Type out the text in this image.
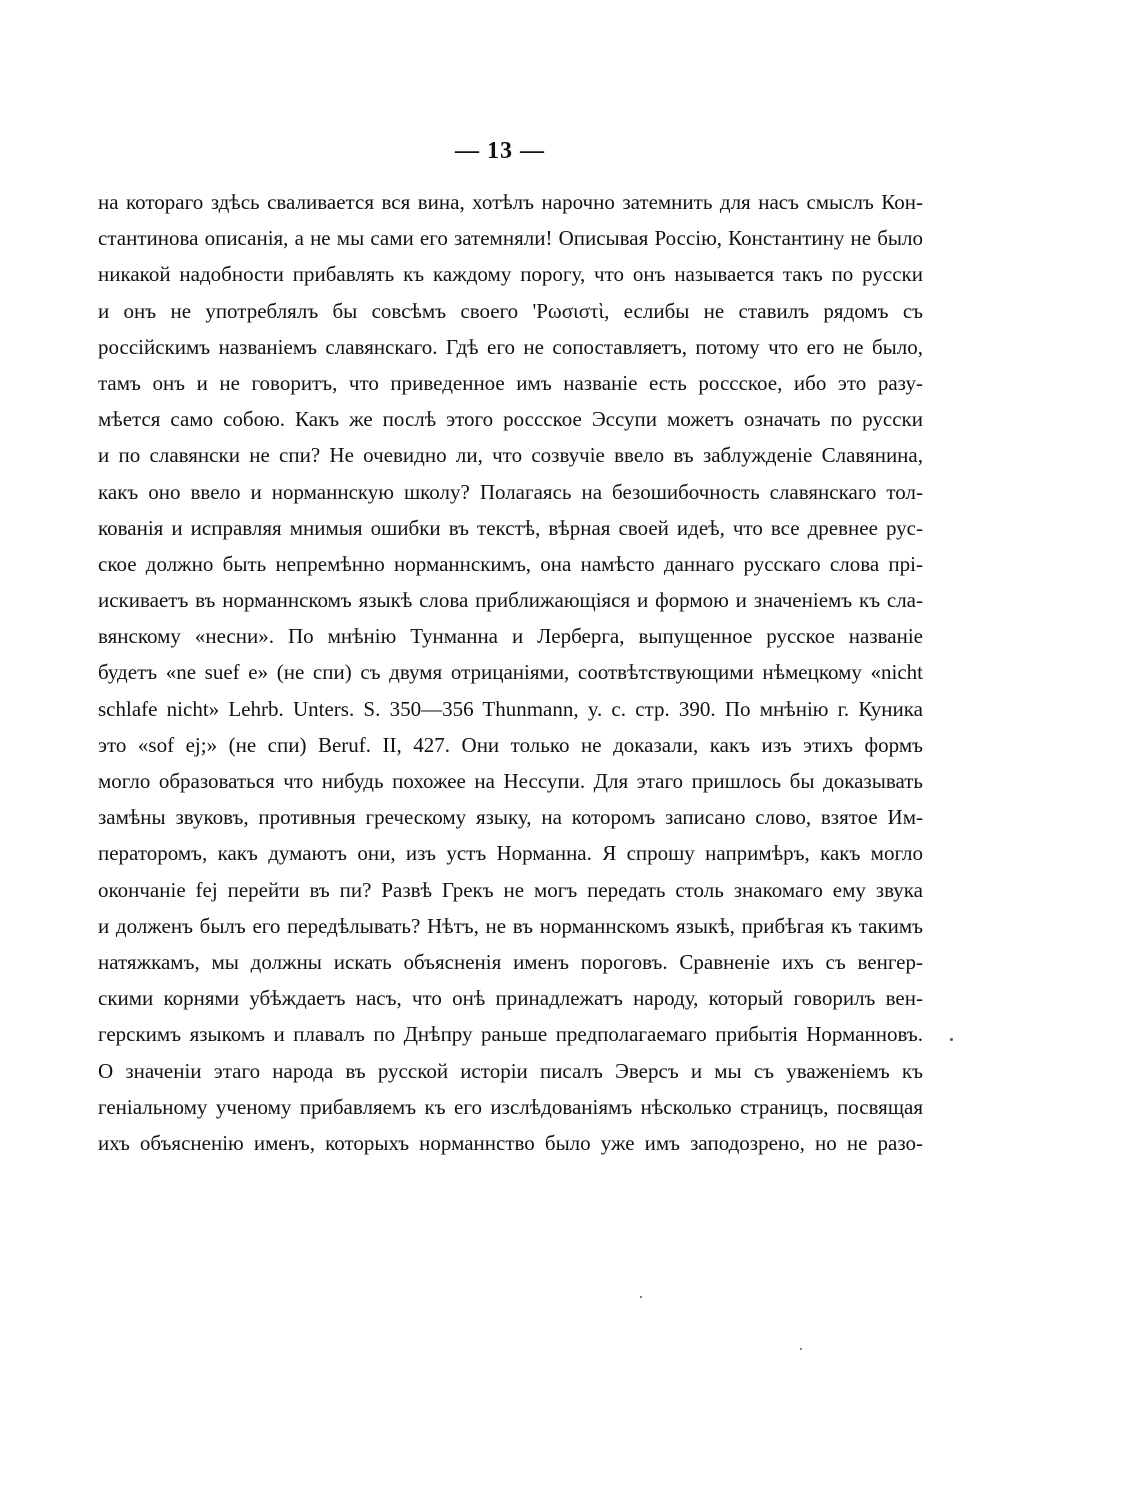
— 13 —
на котораго здѣсь сваливается вся вина, хотѣлъ нарочно затемнить для насъ смыслъ Кон-
стантинова описанія, а не мы сами его затемняли! Описывая Россію, Константину не было
никакой надобности прибавлять къ каждому порогу, что онъ называется такъ по русски
и онъ не употреблялъ бы совсѣмъ своего 'Ρωσιστὶ, еслибы не ставилъ рядомъ съ
россійскимъ названіемъ славянскаго. Гдѣ его не сопоставляетъ, потому что его не было,
тамъ онъ и не говоритъ, что приведенное имъ названіе есть россское, ибо это разу-
мѣется само собою. Какъ же послѣ этого россское Эссупи можетъ означать по русски
и по славянски не спи? Не очевидно ли, что созвучіе ввело въ заблужденіе Славянина,
какъ оно ввело и норманнскую школу? Полагаясь на безошибочность славянскаго тол-
кованія и исправляя мнимыя ошибки въ текстѣ, вѣрная своей идеѣ, что все древнее рус-
ское должно быть непремѣнно норманнскимъ, она намѣсто даннаго русскаго слова прі-
искиваетъ въ норманнскомъ языкѣ слова приближающіяся и формою и значеніемъ къ сла-
вянскому «несни». По мнѣнію Тунманна и Лерберга, выпущенное русское названіе
будетъ «ne suef e» (не спи) съ двумя отрицаніями, соотвѣтствующими нѣмецкому «nicht
schlafe nicht» Lehrb. Unters. S. 350—356 Thunmann, y. c. стр. 390. По мнѣнію г. Куника
это «sof ej;» (не спи) Beruf. II, 427. Они только не доказали, какъ изъ этихъ формъ
могло образоваться что нибудь похожее на Нессупи. Для этаго пришлось бы доказывать
замѣны звуковъ, противныя греческому языку, на которомъ записано слово, взятое Им-
ператоромъ, какъ думаютъ они, изъ устъ Норманна. Я спрошу напримѣръ, какъ могло
окончаніе fej перейти въ пи? Развѣ Грекъ не могъ передать столь знакомаго ему звука
и долженъ былъ его передѣлывать? Нѣтъ, не въ норманнскомъ языкѣ, прибѣгая къ такимъ
натяжкамъ, мы должны искать объясненія именъ пороговъ. Сравненіе ихъ съ венгер-
скими корнями убѣждаетъ насъ, что онѣ принадлежатъ народу, который говорилъ вен-
герскимъ языкомъ и плавалъ по Днѣпру раньше предполагаемаго прибытія Норманновъ.
О значеніи этаго народа въ русской исторіи писалъ Эверсъ и мы съ уваженіемъ къ
геніальному ученому прибавляемъ къ его изслѣдованіямъ нѣсколько страницъ, посвящая
ихъ объясненію именъ, которыхъ норманнство было уже имъ заподозрено, но не разо-
